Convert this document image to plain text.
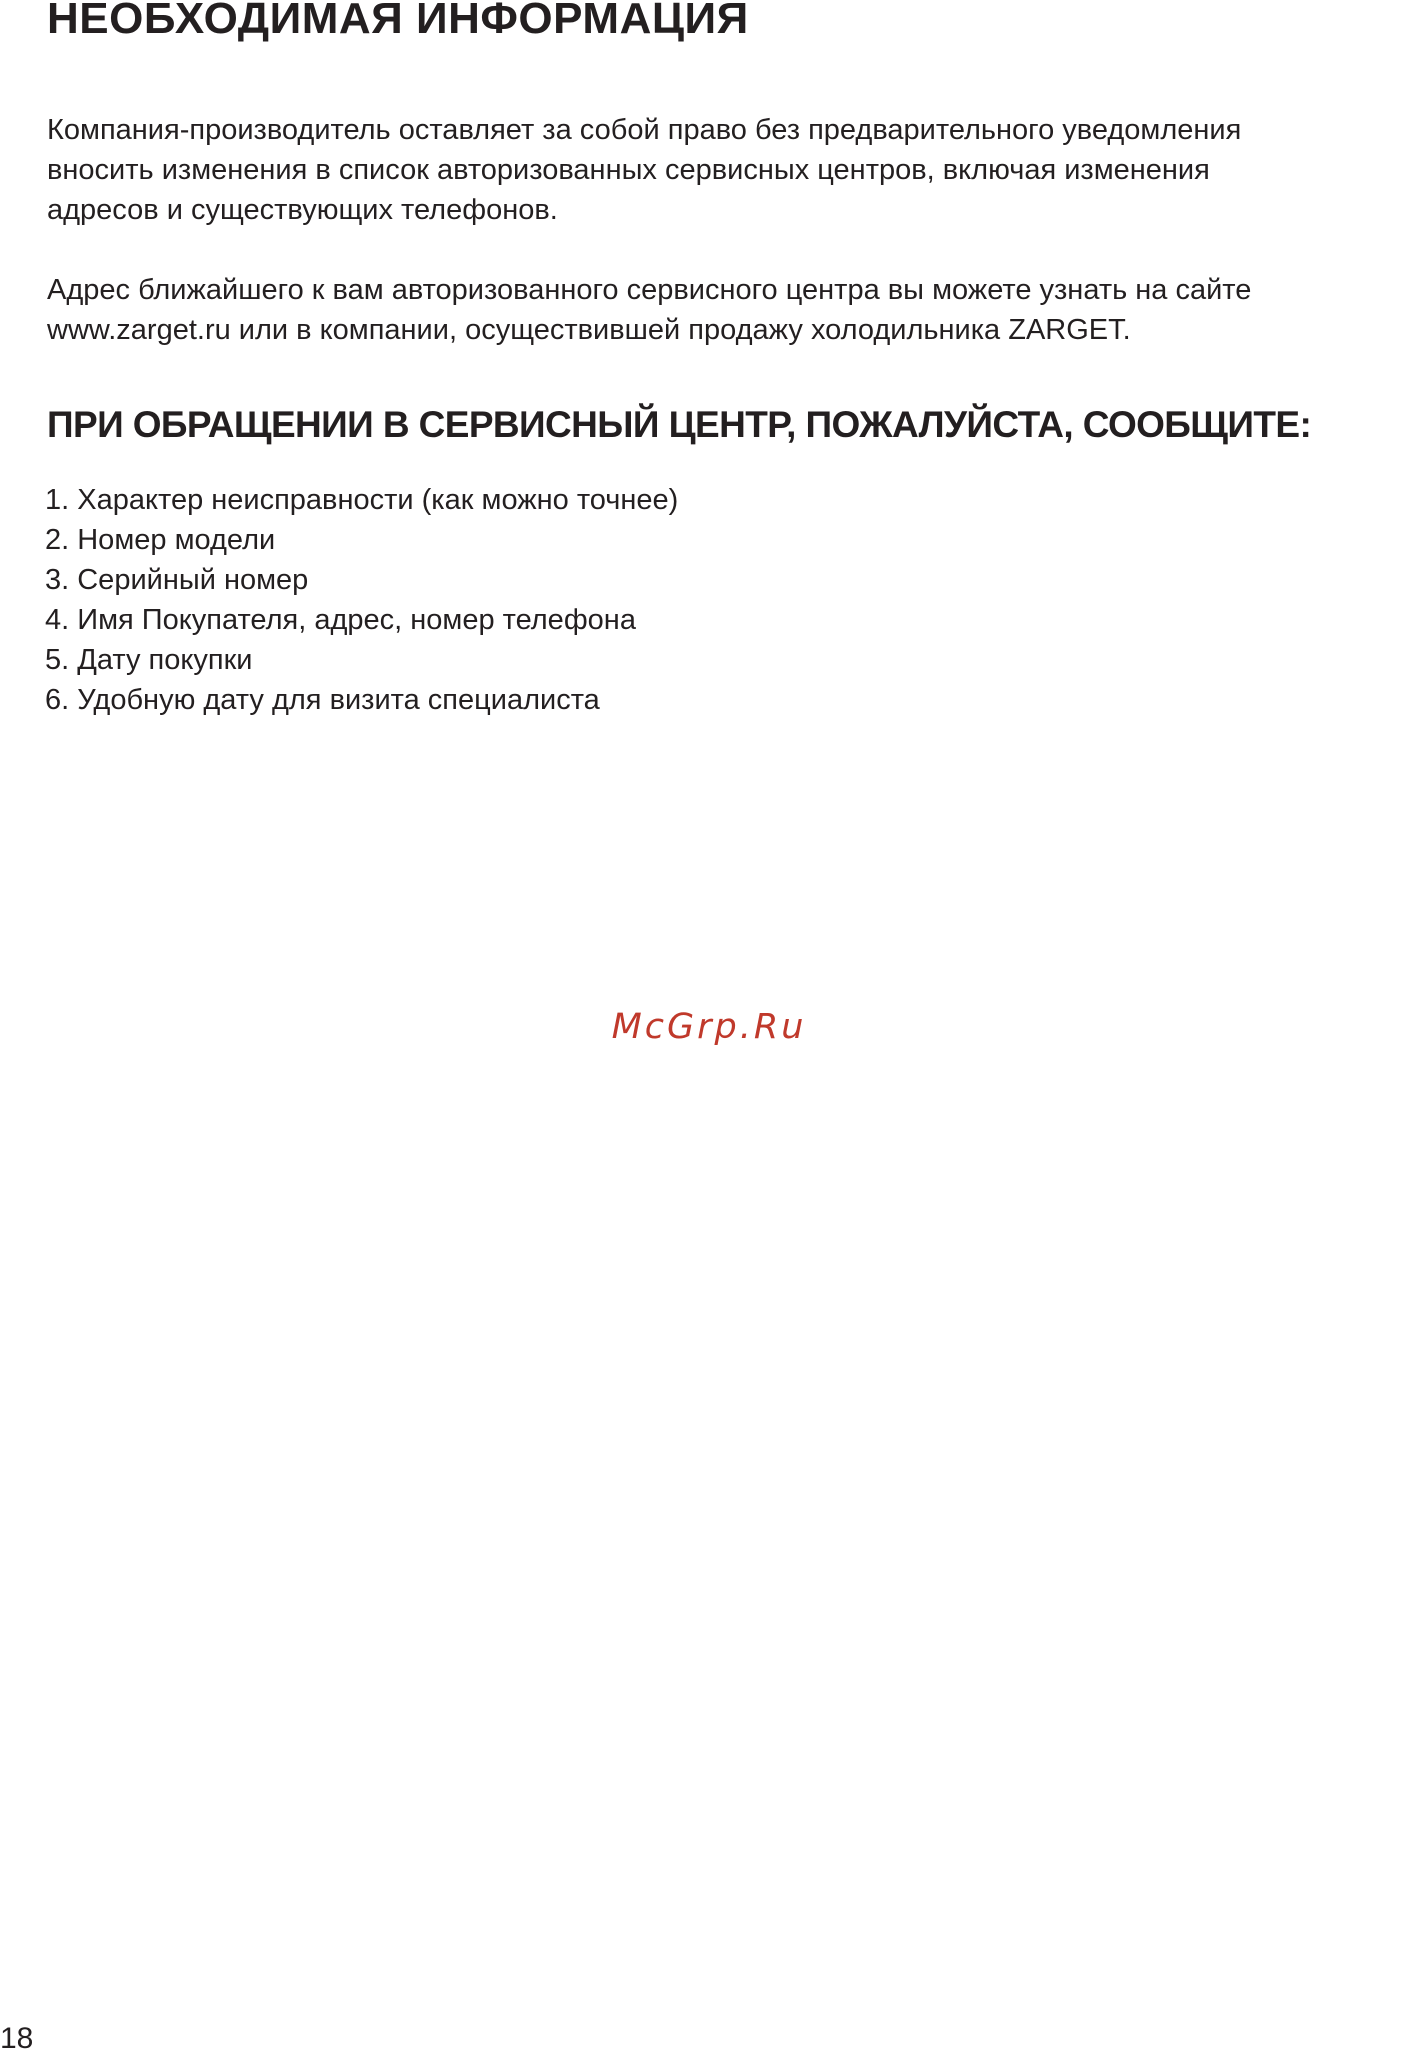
НЕОБХОДИМАЯ ИНФОРМАЦИЯ

Компания-производитель оставляет за собой право без предварительного уведомления
вносить изменения в список авторизованных сервисных центров, включая изменения
адресов и существующих телефонов.

Адрес ближайшего к вам авторизованного сервисного центра вы можете узнать на сайте
www.zarget.ru или в компании, осуществившей продажу холодильника ZARGET.

ПРИ ОБРАЩЕНИИ В СЕРВИСНЫЙ ЦЕНТР, ПОЖАЛУЙСТА, СООБЩИТЕ:
1. Характер неисправности (как можно точнее)
2. Номер модели
3. Серийный номер
4. Имя Покупателя, адрес, номер телефона
5. Дату покупки
6. Удобную дату для визита специалиста
McGrp.Ru
18
